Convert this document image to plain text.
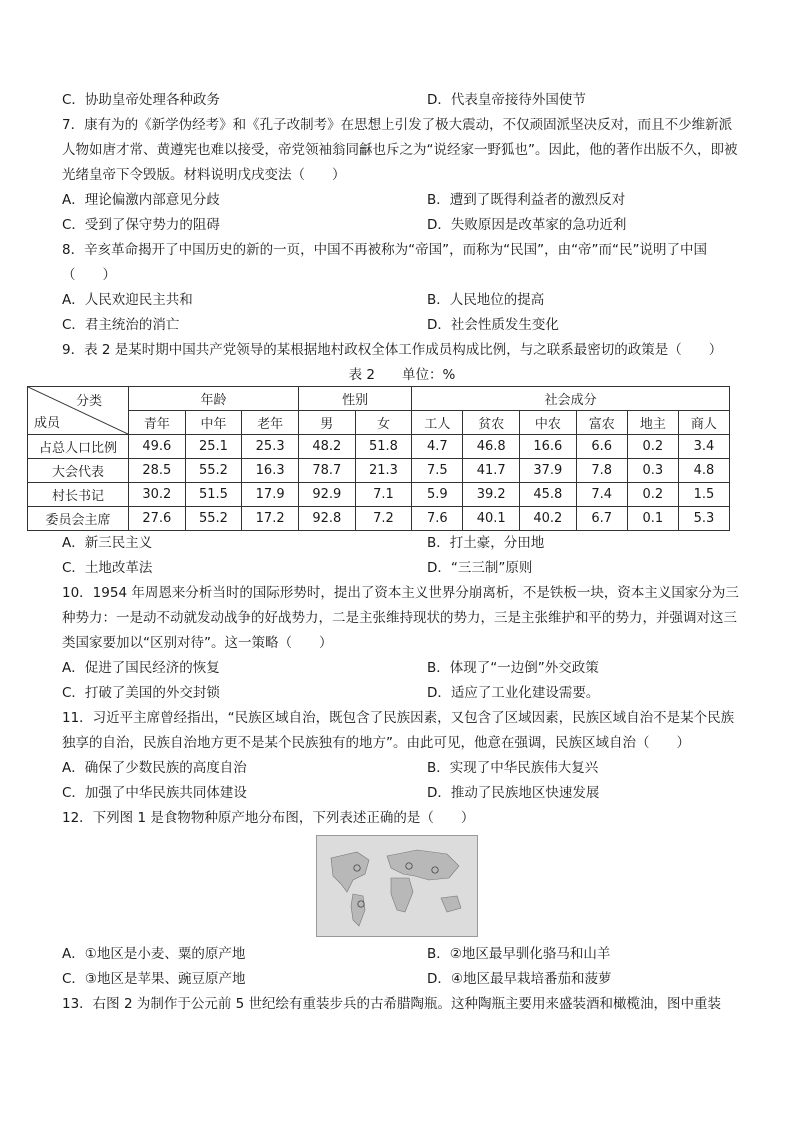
C．协助皇帝处理各种政务	D．代表皇帝接待外国使节
7．康有为的《新学伪经考》和《孔子改制考》在思想上引发了极大震动，不仅顽固派坚决反对，而且不少维新派人物如唐才常、黄遵宪也难以接受，帝党领袖翁同龢也斥之为“说经家一野狐也”。因此，他的著作出版不久，即被光绪皇帝下令毁版。材料说明戊戌变法（　　）
A．理论偏激内部意见分歧	B．遭到了既得利益者的激烈反对
C．受到了保守势力的阻碍	D．失败原因是改革家的急功近利
8．辛亥革命揭开了中国历史的新的一页，中国不再被称为“帝国”，而称为“民国”，由“帝”而“民”说明了中国（　　）
A．人民欢迎民主共和	B．人民地位的提高
C．君主统治的消亡	D．社会性质发生变化
9．表 2 是某时期中国共产党领导的某根据地村政权全体工作成员构成比例，与之联系最密切的政策是（　　）
表 2　　单位：%
分类
成员	年龄			性别		社会成分					
	青年	中年	老年	男	女	工人	贫农	中农	富农	地主	商人
占总人口比例	49.6	25.1	25.3	48.2	51.8	4.7	46.8	16.6	6.6	0.2	3.4
大会代表	28.5	55.2	16.3	78.7	21.3	7.5	41.7	37.9	7.8	0.3	4.8
村长书记	30.2	51.5	17.9	92.9	7.1	5.9	39.2	45.8	7.4	0.2	1.5
委员会主席	27.6	55.2	17.2	92.8	7.2	7.6	40.1	40.2	6.7	0.1	5.3
A．新三民主义	B．打土豪，分田地
C．土地改革法	D．“三三制”原则
10．1954 年周恩来分析当时的国际形势时，提出了资本主义世界分崩离析，不是铁板一块，资本主义国家分为三种势力：一是动不动就发动战争的好战势力，二是主张维持现状的势力，三是主张维护和平的势力，并强调对这三类国家要加以“区别对待”。这一策略（　　）
A．促进了国民经济的恢复	B．体现了“一边倒”外交政策
C．打破了美国的外交封锁	D．适应了工业化建设需要。
11．习近平主席曾经指出，“民族区域自治，既包含了民族因素，又包含了区域因素，民族区域自治不是某个民族独享的自治，民族自治地方更不是某个民族独有的地方”。由此可见，他意在强调，民族区域自治（　　）
A．确保了少数民族的高度自治	B．实现了中华民族伟大复兴
C．加强了中华民族共同体建设	D．推动了民族地区快速发展
12．下列图 1 是食物物种原产地分布图，下列表述正确的是（　　）
A．①地区是小麦、粟的原产地	B．②地区最早驯化骆马和山羊
C．③地区是苹果、豌豆原产地	D．④地区最早栽培番茄和菠萝
13．右图 2 为制作于公元前 5 世纪绘有重装步兵的古希腊陶瓶。这种陶瓶主要用来盛装酒和橄榄油，图中重装
